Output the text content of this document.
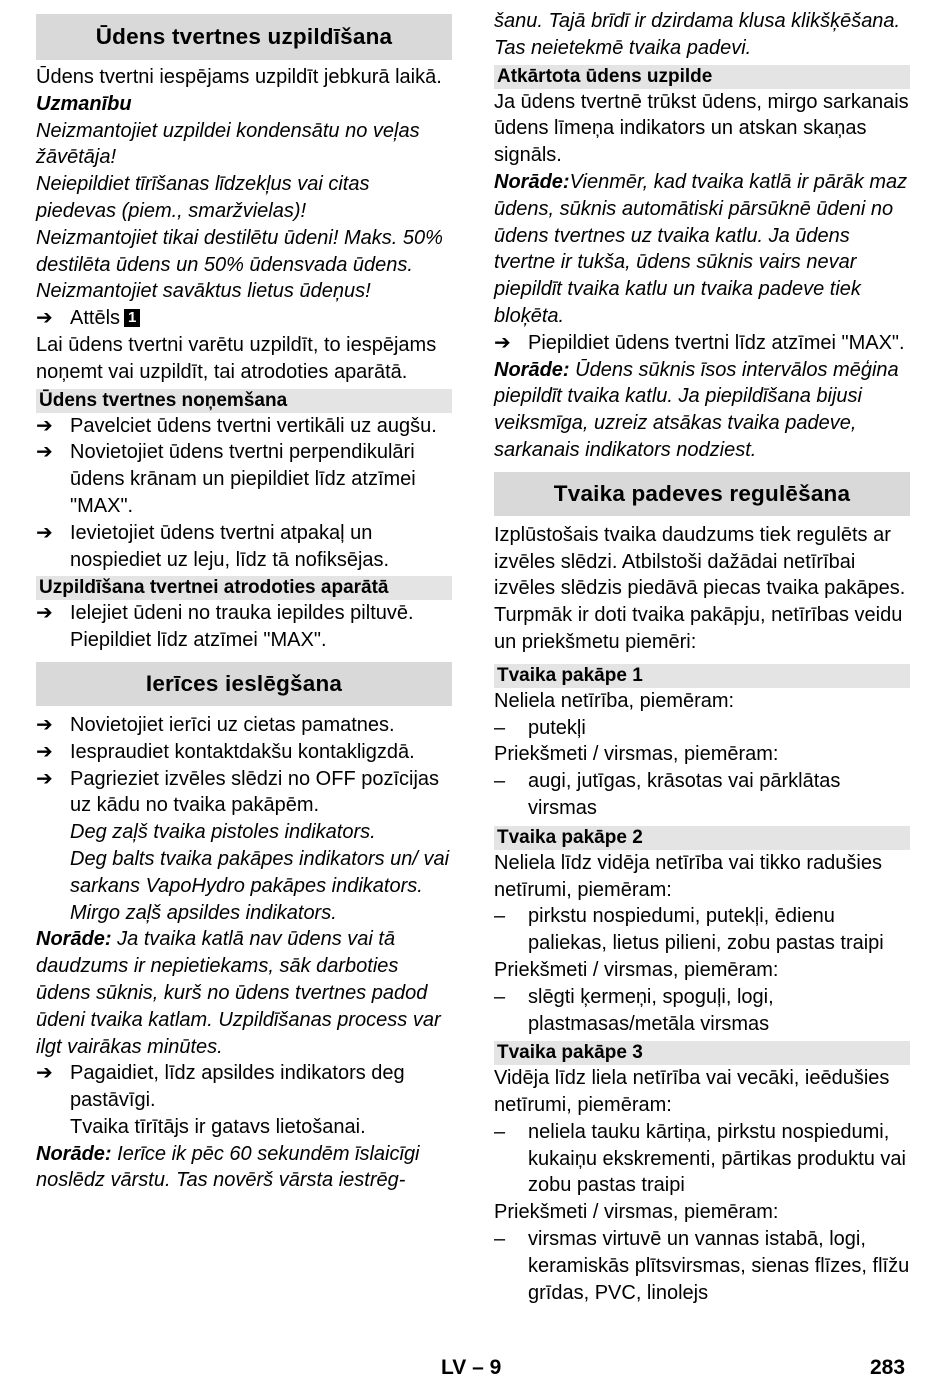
Ūdens tvertnes uzpildīšana
Ūdens tvertni iespējams uzpildīt jebkurā laikā.
Uzmanību
Neizmantojiet uzpildei kondensātu no veļas žāvētāja!
Neiepildiet tīrīšanas līdzekļus vai citas piedevas (piem., smaržvielas)!
Neizmantojiet tikai destilētu ūdeni! Maks. 50% destilēta ūdens un 50% ūdensvada ūdens.
Neizmantojiet savāktus lietus ūdeņus!
➔ Attēls 1
Lai ūdens tvertni varētu uzpildīt, to iespējams noņemt vai uzpildīt, tai atrodoties aparātā.
Ūdens tvertnes noņemšana
➔ Pavelciet ūdens tvertni vertikāli uz augšu.
➔ Novietojiet ūdens tvertni perpendikulāri ūdens krānam un piepildiet līdz atzīmei "MAX".
➔ Ievietojiet ūdens tvertni atpakaļ un nospiediet uz leju, līdz tā nofiksējas.
Uzpildīšana tvertnei atrodoties aparātā
➔ Ielejiet ūdeni no trauka iepildes piltuvē. Piepildiet līdz atzīmei "MAX".
Ierīces ieslēgšana
➔ Novietojiet ierīci uz cietas pamatnes.
➔ Iespraudiet kontaktdakšu kontakligzdā.
➔ Pagrieziet izvēles slēdzi no OFF pozīcijas uz kādu no tvaika pakāpēm.
Deg zaļš tvaika pistoles indikators.
Deg balts tvaika pakāpes indikators un/ vai sarkans VapoHydro pakāpes indikators.
Mirgo zaļš apsildes indikators.
Norāde: Ja tvaika katlā nav ūdens vai tā daudzums ir nepietiekams, sāk darboties ūdens sūknis, kurš no ūdens tvertnes padod ūdeni tvaika katlam. Uzpildīšanas process var ilgt vairākas minūtes.
➔ Pagaidiet, līdz apsildes indikators deg pastāvīgi.
Tvaika tīrītājs ir gatavs lietošanai.
Norāde: Ierīce ik pēc 60 sekundēm īslaicīgi noslēdz vārstu. Tas novērš vārsta iestrēg-
šanu. Tajā brīdī ir dzirdama klusa klikšķēšana. Tas neietekmē tvaika padevi.
Atkārtota ūdens uzpilde
Ja ūdens tvertnē trūkst ūdens, mirgo sarkanais ūdens līmeņa indikators un atskan skaņas signāls.
Norāde:Vienmēr, kad tvaika katlā ir pārāk maz ūdens, sūknis automātiski pārsūknē ūdeni no ūdens tvertnes uz tvaika katlu. Ja ūdens tvertne ir tukša, ūdens sūknis vairs nevar piepildīt tvaika katlu un tvaika padeve tiek bloķēta.
➔ Piepildiet ūdens tvertni līdz atzīmei "MAX".
Norāde: Ūdens sūknis īsos intervālos mēģina piepildīt tvaika katlu. Ja piepildīšana bijusi veiksmīga, uzreiz atsākas tvaika padeve, sarkanais indikators nodziest.
Tvaika padeves regulēšana
Izplūstošais tvaika daudzums tiek regulēts ar izvēles slēdzi. Atbilstoši dažādai netīrībai izvēles slēdzis piedāvā piecas tvaika pakāpes. Turpmāk ir doti tvaika pakāpju, netīrības veidu un priekšmetu piemēri:
Tvaika pakāpe 1
Neliela netīrība, piemēram:
–	putekļi
Priekšmeti / virsmas, piemēram:
–	augi, jutīgas, krāsotas vai pārklātas virsmas
Tvaika pakāpe 2
Neliela līdz vidēja netīrība vai tikko radušies netīrumi, piemēram:
–	pirkstu nospiedumi, putekļi, ēdienu paliekas, lietus pilieni, zobu pastas traipi
Priekšmeti / virsmas, piemēram:
–	slēgti ķermeņi, spoguļi, logi, plastmasas/metāla virsmas
Tvaika pakāpe 3
Vidēja līdz liela netīrība vai vecāki, ieēdušies netīrumi, piemēram:
–	neliela tauku kārtiņa, pirkstu nospiedumi, kukaiņu ekskrementi, pārtikas produktu vai zobu pastas traipi
Priekšmeti / virsmas, piemēram:
–	virsmas virtuvē un vannas istabā, logi, keramiskās plītsvirsmas, sienas flīzes, flīžu grīdas, PVC, linolejs
LV – 9	283
